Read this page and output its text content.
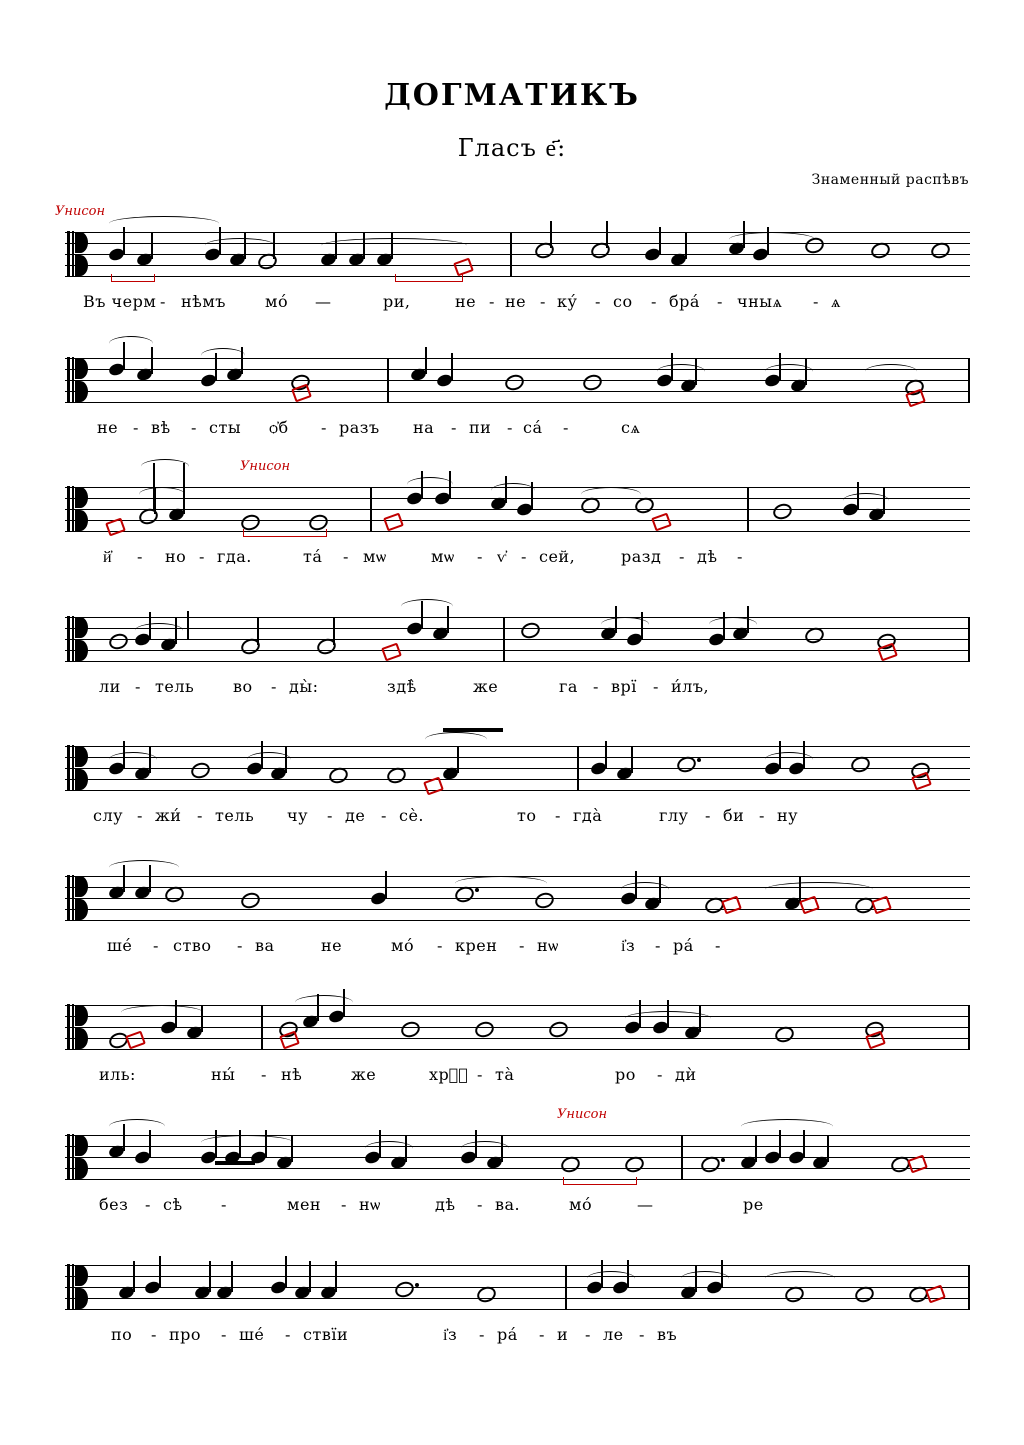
ДОГМАТИКЪ
Гласъ е҃:
Знаменный распѣвъ
Унисон
Въ черм - нѣмъ мо́ —	ри,	не - не - ку́ - со - бра́ - чныѧ - ѧ
не - вѣ - сты ѻ҆б - разъ на - пи - са́ -	сѧ
Унисон
й҆ - но - гда.	та́ - мѡ	мѡ - ѵ҆ - сей,	разд - дѣ -
ли - тель во - ды̀:	здѣ̀	же	га - врї - и́лъ,
слу - жи́ - тель чу - де - сѐ.	то - гда̀	глу - би - ну
ше́ - ство - ва	не	мо́ - крен - нѡ	і҆з - ра́ -
иль:	ны́ - нѣ	же	хрⷭ҇ - та̀	ро - дѝ
Унисон
без - сѣ -	мен - нѡ	дѣ - ва.	мо́	—	ре
по - про - ше́ - ствїи	і҆з - ра́ - и - ле - въ
